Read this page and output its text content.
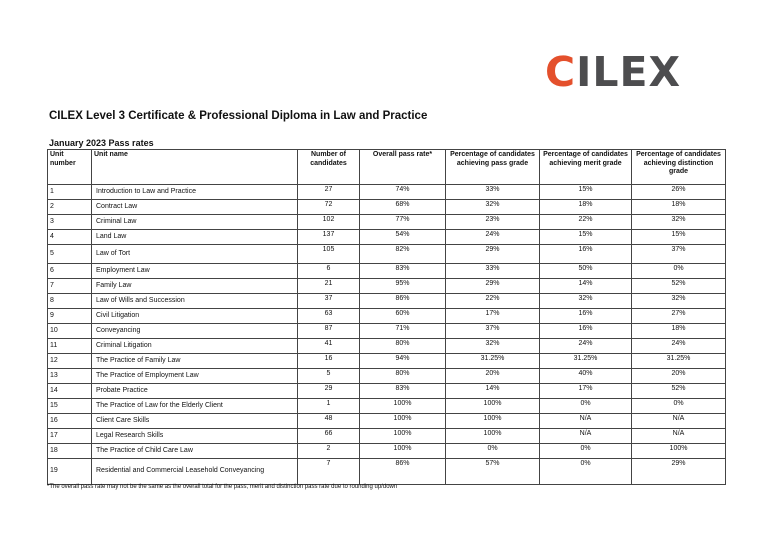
CILEX
CILEX Level 3 Certificate & Professional Diploma in Law and Practice
January 2023 Pass rates
Unit number	Unit name	Number of candidates	Overall pass rate*	Percentage of candidates achieving pass grade	Percentage of candidates achieving merit grade	Percentage of candidates achieving distinction grade
1	Introduction to Law and Practice	27	74%	33%	15%	26%
2	Contract Law	72	68%	32%	18%	18%
3	Criminal Law	102	77%	23%	22%	32%
4	Land Law	137	54%	24%	15%	15%
5	Law of Tort	105	82%	29%	16%	37%
6	Employment Law	6	83%	33%	50%	0%
7	Family Law	21	95%	29%	14%	52%
8	Law of Wills and Succession	37	86%	22%	32%	32%
9	Civil Litigation	63	60%	17%	16%	27%
10	Conveyancing	87	71%	37%	16%	18%
11	Criminal Litigation	41	80%	32%	24%	24%
12	The Practice of Family Law	16	94%	31.25%	31.25%	31.25%
13	The Practice of Employment Law	5	80%	20%	40%	20%
14	Probate Practice	29	83%	14%	17%	52%
15	The Practice of Law for the Elderly Client	1	100%	100%	0%	0%
16	Client Care Skills	48	100%	100%	N/A	N/A
17	Legal Research Skills	66	100%	100%	N/A	N/A
18	The Practice of Child Care Law	2	100%	0%	0%	100%
19	Residential and Commercial Leasehold Conveyancing	7	86%	57%	0%	29%
*The overall pass rate may not be the same as the overall total for the pass, merit and distinction pass rate due to rounding up/down
